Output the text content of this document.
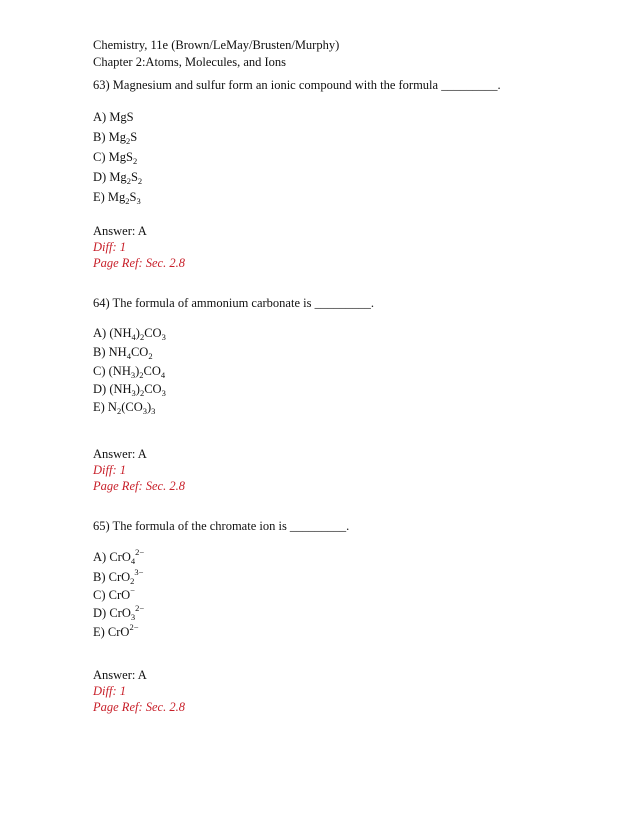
Chemistry, 11e (Brown/LeMay/Brusten/Murphy)
Chapter 2:Atoms, Molecules, and Ions
63) Magnesium and sulfur form an ionic compound with the formula _________.
A) MgS
B) $Mg_2S$
C) MgS$_2$
D) $Mg_2S_2$
E) $Mg_2S_3$
Answer: A
Diff: 1
Page Ref: Sec. 2.8
64) The formula of ammonium carbonate is _________.
A) $(NH_4)_2CO_3$
B) $NH_4CO_2$
C) $(NH_3)_2CO_4$
D) $(NH_3)_2CO_3$
E) $N_2(CO_3)_3$
Answer: A
Diff: 1
Page Ref: Sec. 2.8
65) The formula of the chromate ion is _________.
A) CrO$_4^{2-}$
B) CrO$_2^{3-}$
C) CrO−
D) CrO$_3^{2-}$
E) CrO$^{2-}$
Answer: A
Diff: 1
Page Ref: Sec. 2.8
